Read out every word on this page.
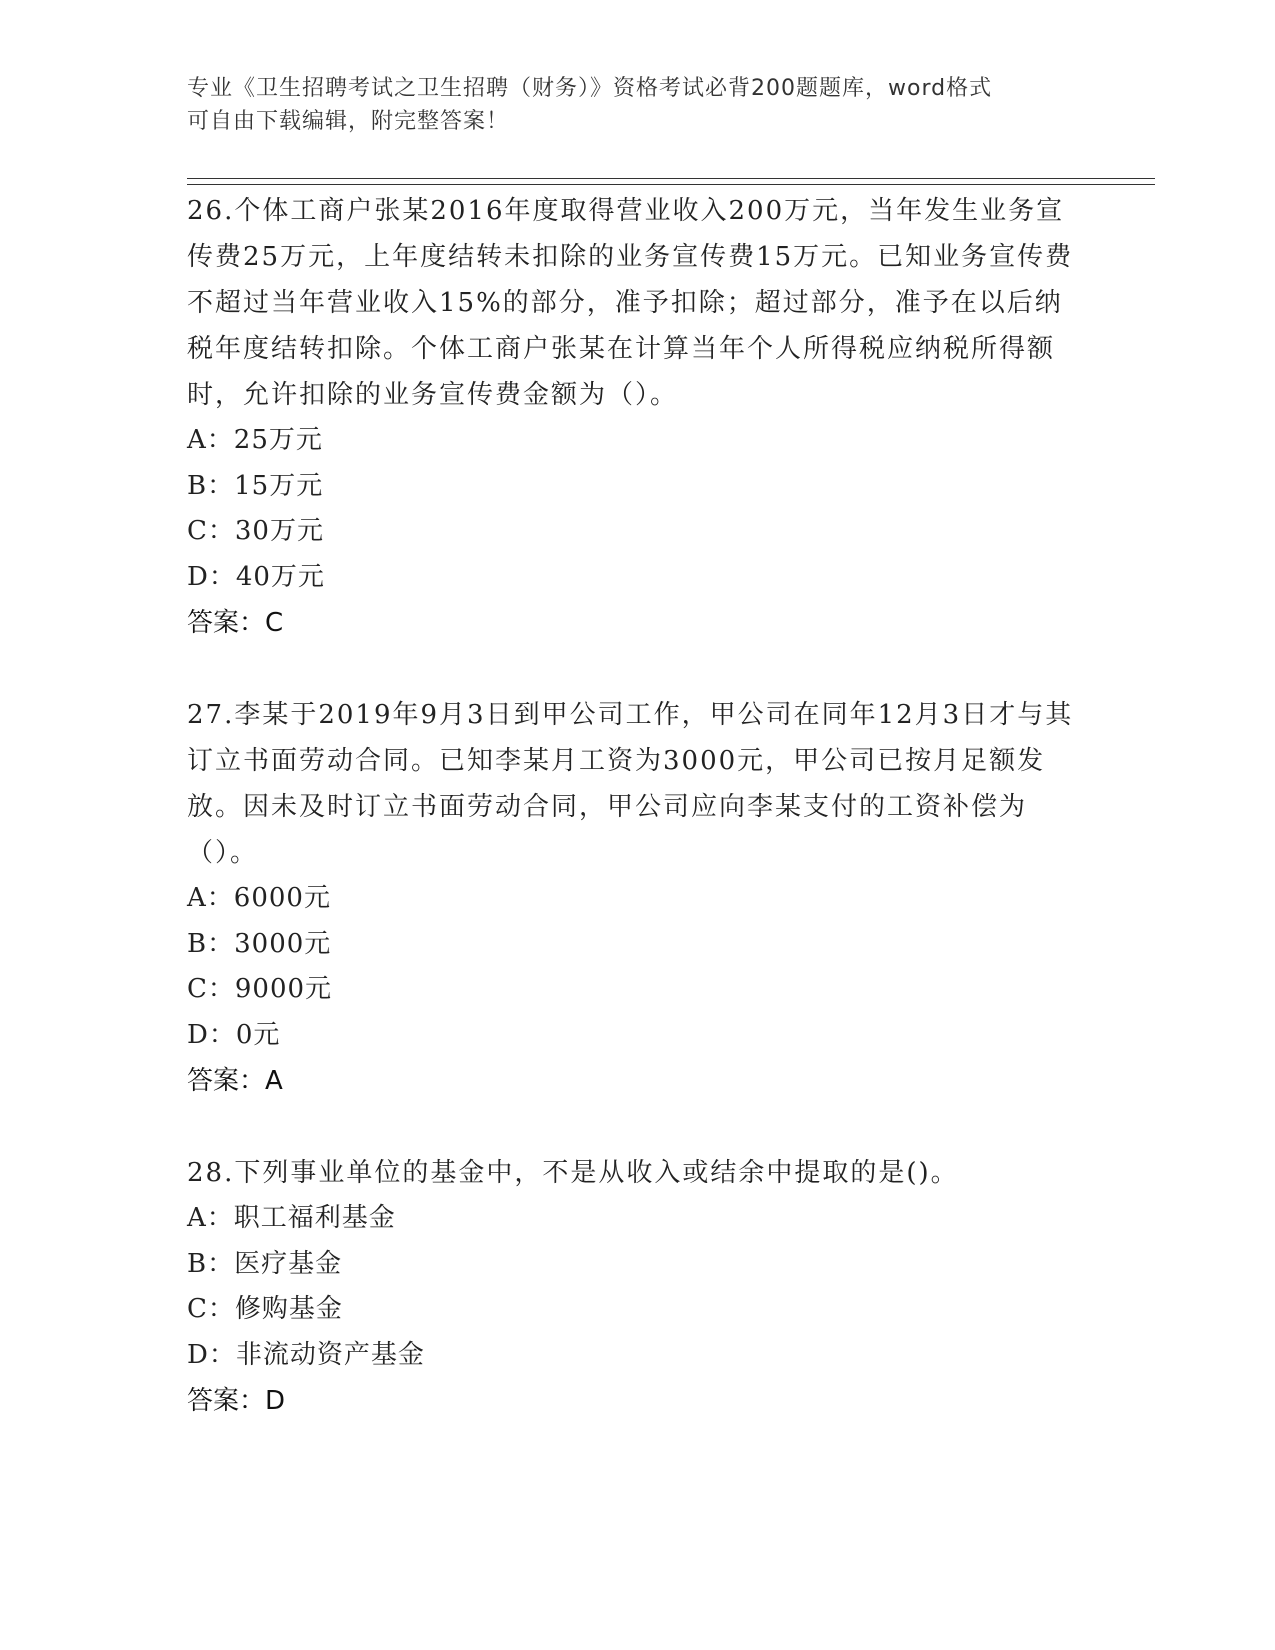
专业《卫生招聘考试之卫生招聘（财务）》资格考试必背200题题库，word格式
可自由下载编辑，附完整答案！

26.个体工商户张某2016年度取得营业收入200万元，当年发生业务宣传费25万元，上年度结转未扣除的业务宣传费15万元。已知业务宣传费不超过当年营业收入15%的部分，准予扣除；超过部分，准予在以后纳税年度结转扣除。个体工商户张某在计算当年个人所得税应纳税所得额时，允许扣除的业务宣传费金额为（）。

A：25万元

B：15万元

C：30万元

D：40万元

答案：C

27.李某于2019年9月3日到甲公司工作，甲公司在同年12月3日才与其订立书面劳动合同。已知李某月工资为3000元，甲公司已按月足额发放。因未及时订立书面劳动合同，甲公司应向李某支付的工资补偿为（）。

A：6000元

B：3000元

C：9000元

D：0元

答案：A

28.下列事业单位的基金中，不是从收入或结余中提取的是()。

A：职工福利基金

B：医疗基金

C：修购基金

D：非流动资产基金

答案：D
